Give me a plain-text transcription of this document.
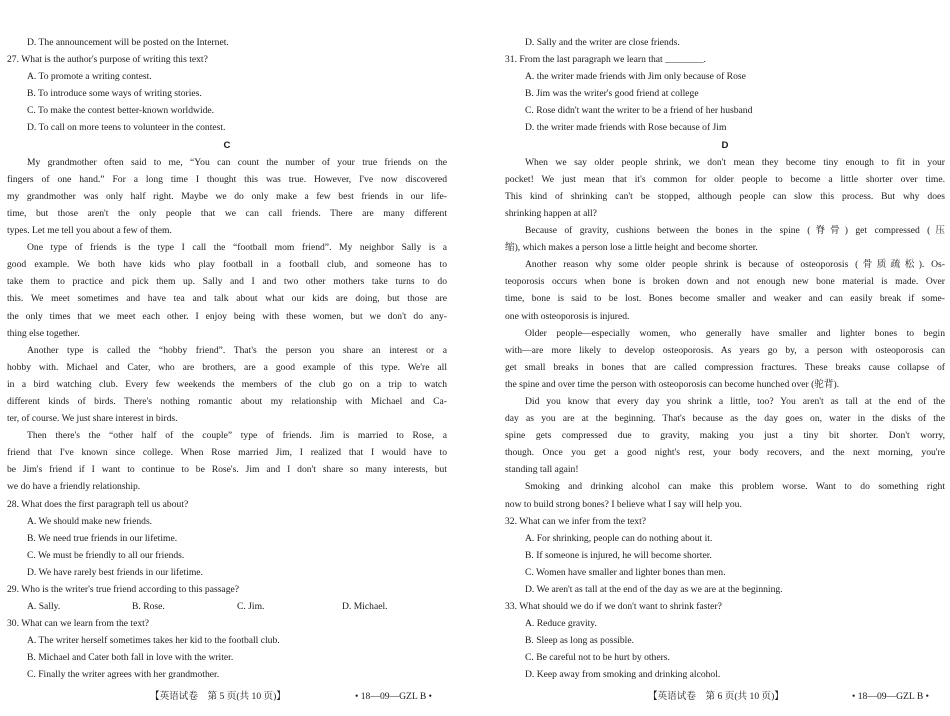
D. The announcement will be posted on the Internet.
27. What is the author's purpose of writing this text?
A. To promote a writing contest.
B. To introduce some ways of writing stories.
C. To make the contest better-known worldwide.
D. To call on more teens to volunteer in the contest.
C
My grandmother often said to me, “You can count the number of your true friends on the
fingers of one hand.” For a long time I thought this was true. However, I've now discovered
my grandmother was only half right. Maybe we do only make a few best friends in our life-
time, but those aren't the only people that we can call friends. There are many different
types. Let me tell you about a few of them.
One type of friends is the type I call the “football mom friend”. My neighbor Sally is a
good example. We both have kids who play football in a football club, and someone has to
take them to practice and pick them up. Sally and I and two other mothers take turns to do
this. We meet sometimes and have tea and talk about what our kids are doing, but those are
the only times that we meet each other. I enjoy being with these women, but we don't do any-
thing else together.
Another type is called the “hobby friend”. That's the person you share an interest or a
hobby with. Michael and Cater, who are brothers, are a good example of this type. We're all
in a bird watching club. Every few weekends the members of the club go on a trip to watch
different kinds of birds. There's nothing romantic about my relationship with Michael and Ca-
ter, of course. We just share interest in birds.
Then there's the “other half of the couple” type of friends. Jim is married to Rose, a
friend that I've known since college. When Rose married Jim, I realized that I would have to
be Jim's friend if I want to continue to be Rose's. Jim and I don't share so many interests, but
we do have a friendly relationship.
28. What does the first paragraph tell us about?
A. We should make new friends.
B. We need true friends in our lifetime.
C. We must be friendly to all our friends.
D. We have rarely best friends in our lifetime.
29. Who is the writer's true friend according to this passage?
A. Sally.	B. Rose.	C. Jim.	D. Michael.
30. What can we learn from the text?
A. The writer herself sometimes takes her kid to the football club.
B. Michael and Cater both fall in love with the writer.
C. Finally the writer agrees with her grandmother.
D. Sally and the writer are close friends.
31. From the last paragraph we learn that ________.
A. the writer made friends with Jim only because of Rose
B. Jim was the writer's good friend at college
C. Rose didn't want the writer to be a friend of her husband
D. the writer made friends with Rose because of Jim
D
When we say older people shrink, we don't mean they become tiny enough to fit in your
pocket! We just mean that it's common for older people to become a little shorter over time.
This kind of shrinking can't be stopped, although people can slow this process. But why does
shrinking happen at all?
Because of gravity, cushions between the bones in the spine (脊骨) get compressed (压
缩), which makes a person lose a little height and become shorter.
Another reason why some older people shrink is because of osteoporosis (骨质疏松). Os-
teoporosis occurs when bone is broken down and not enough new bone material is made. Over
time, bone is said to be lost. Bones become smaller and weaker and can easily break if some-
one with osteoporosis is injured.
Older people—especially women, who generally have smaller and lighter bones to begin
with—are more likely to develop osteoporosis. As years go by, a person with osteoporosis can
get small breaks in bones that are called compression fractures. These breaks cause collapse of
the spine and over time the person with osteoporosis can become hunched over (驼背).
Did you know that every day you shrink a little, too? You aren't as tall at the end of the
day as you are at the beginning. That's because as the day goes on, water in the disks of the
spine gets compressed due to gravity, making you just a tiny bit shorter. Don't worry,
though. Once you get a good night's rest, your body recovers, and the next morning, you're
standing tall again!
Smoking and drinking alcohol can make this problem worse. Want to do something right
now to build strong bones? I believe what I say will help you.
32. What can we infer from the text?
A. For shrinking, people can do nothing about it.
B. If someone is injured, he will become shorter.
C. Women have smaller and lighter bones than men.
D. We aren't as tall at the end of the day as we are at the beginning.
33. What should we do if we don't want to shrink faster?
A. Reduce gravity.
B. Sleep as long as possible.
C. Be careful not to be hurt by others.
D. Keep away from smoking and drinking alcohol.
【英语试卷　第 5 页(共 10 页)】	• 18—09—GZL B •	【英语试卷　第 6 页(共 10 页)】	• 18—09—GZL B •
